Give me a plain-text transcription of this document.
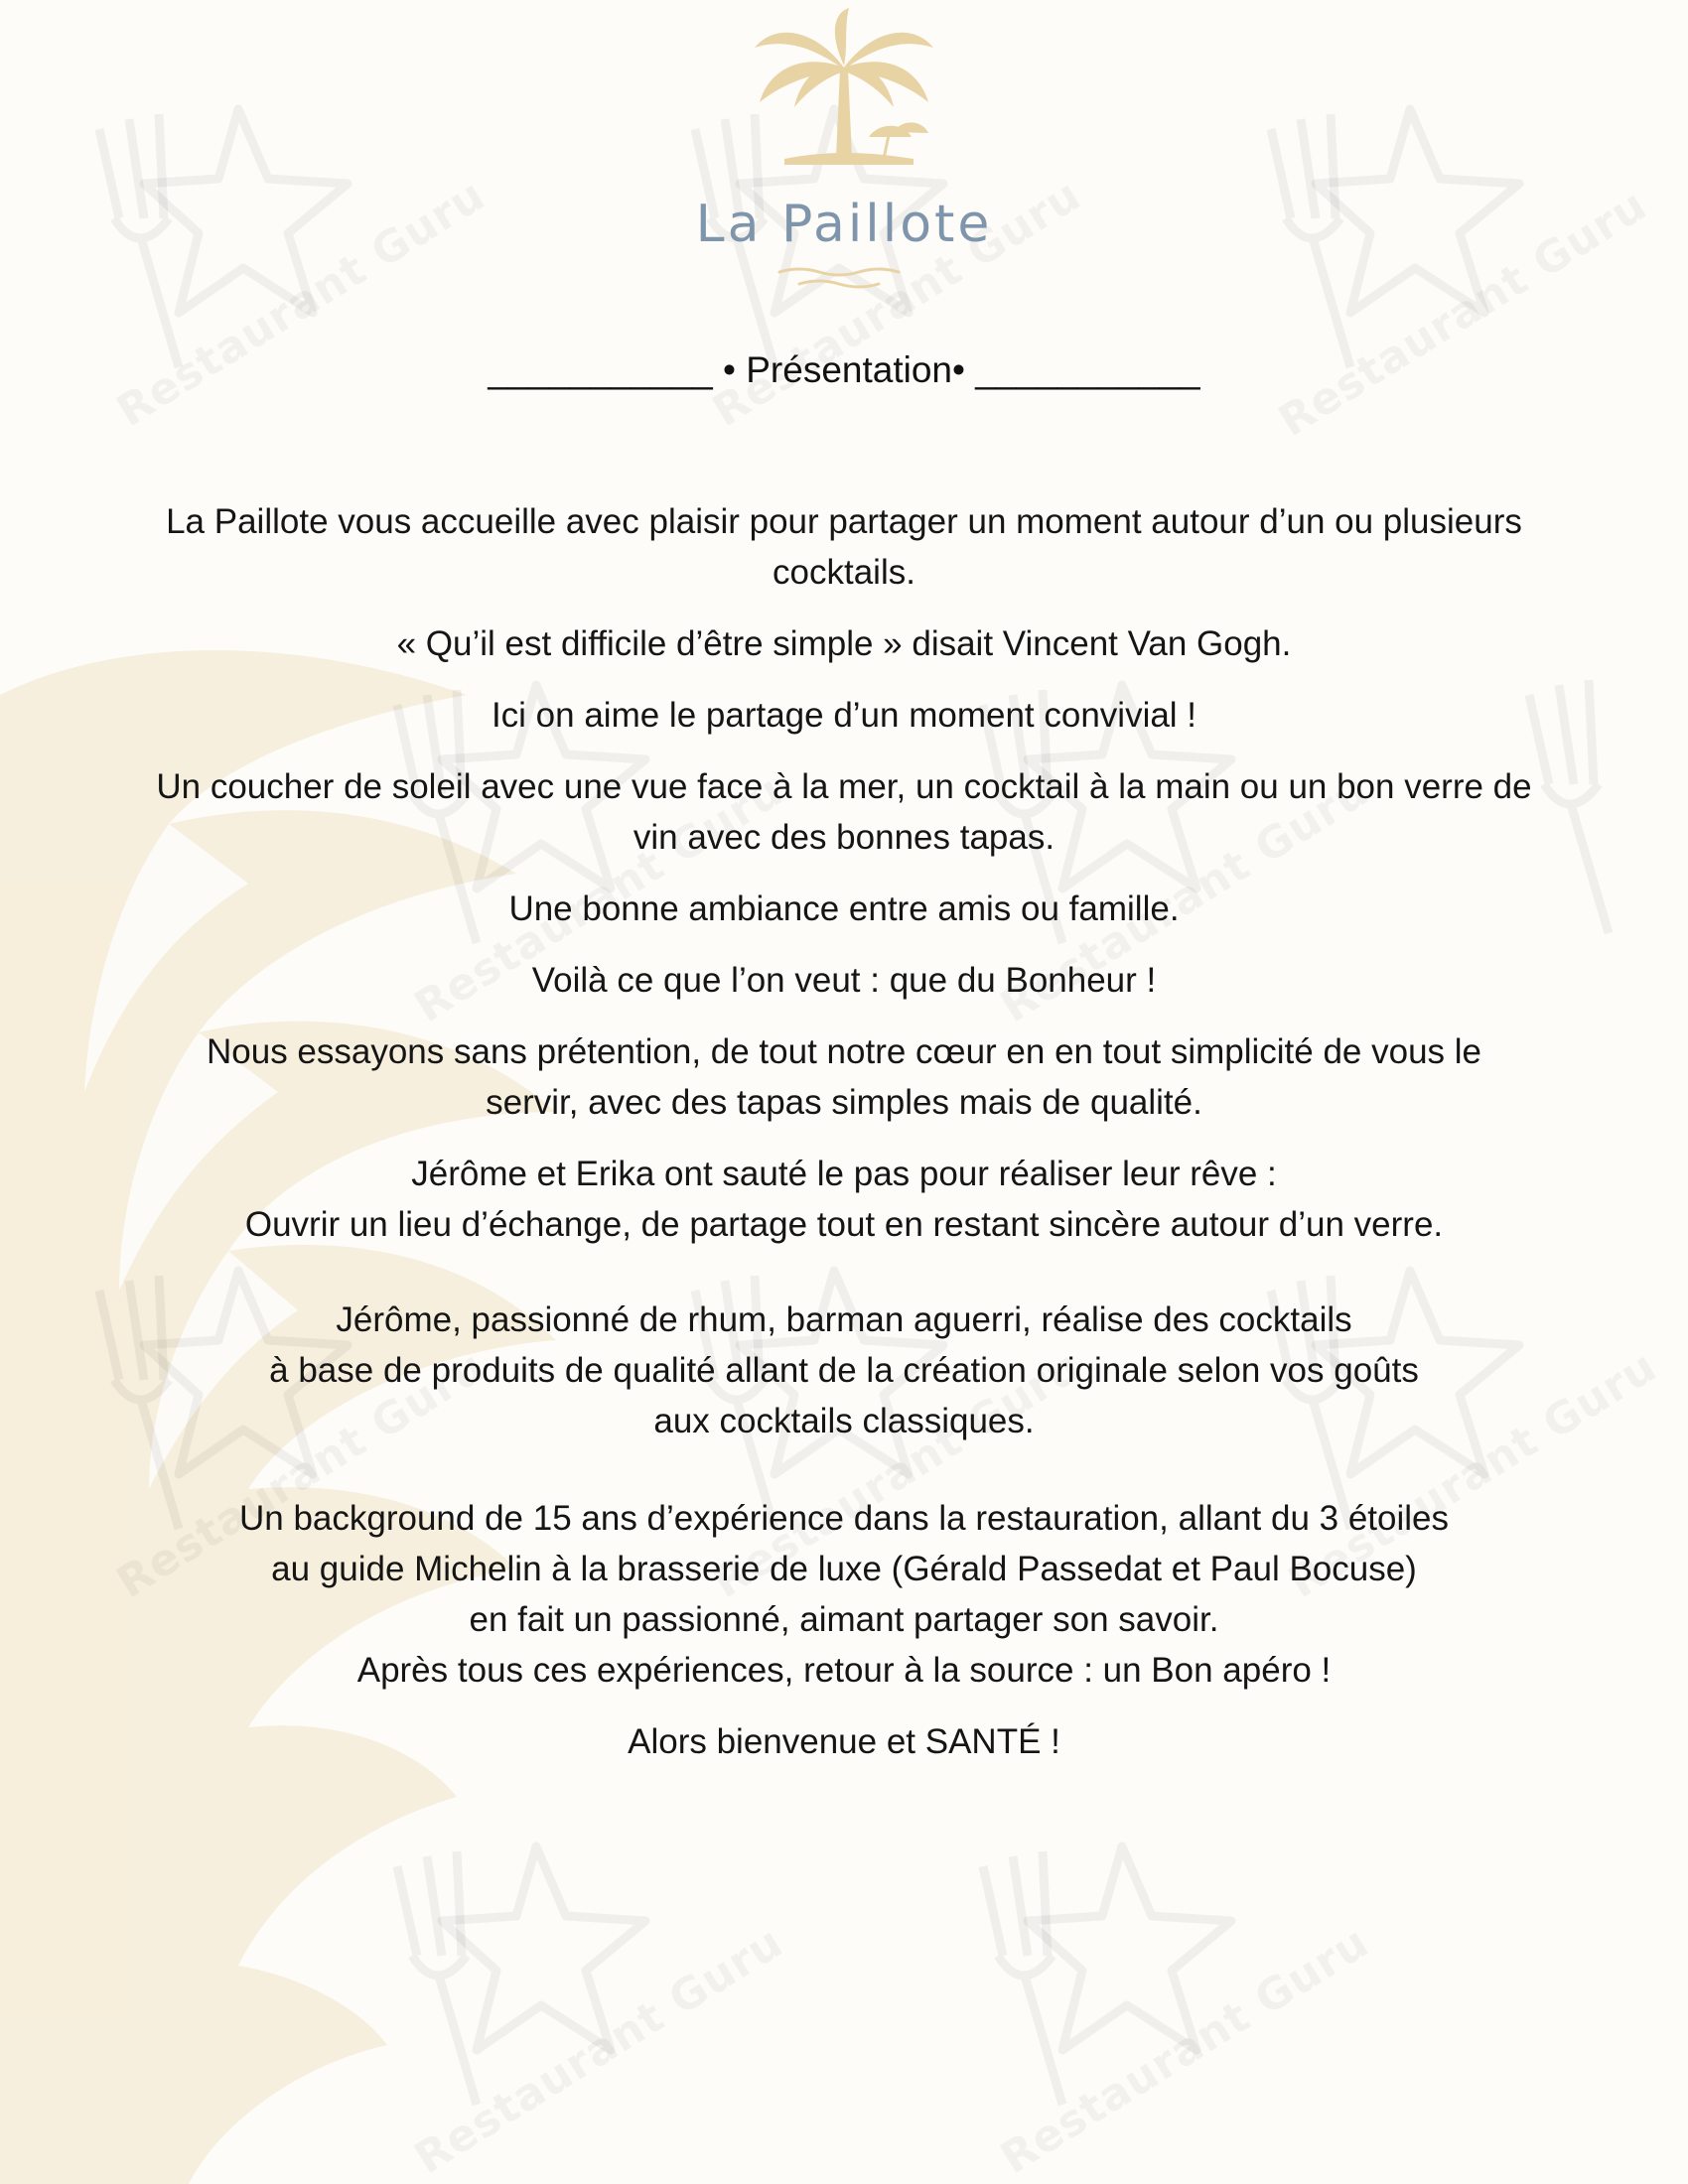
La Paillote
___________ • Présentation• ___________

La Paillote vous accueille avec plaisir pour partager un moment autour d’un ou plusieurs
cocktails.

« Qu’il est difficile d’être simple » disait Vincent Van Gogh.

Ici on aime le partage d’un moment convivial !

Un coucher de soleil avec une vue face à la mer, un cocktail à la main ou un bon verre de
vin avec des bonnes tapas.

Une bonne ambiance entre amis ou famille.

Voilà ce que l’on veut : que du Bonheur !

Nous essayons sans prétention, de tout notre cœur en en tout simplicité de vous le
servir, avec des tapas simples mais de qualité.

Jérôme et Erika ont sauté le pas pour réaliser leur rêve :
Ouvrir un lieu d’échange, de partage tout en restant sincère autour d’un verre.

Jérôme, passionné de rhum, barman aguerri, réalise des cocktails
à base de produits de qualité allant de la création originale selon vos goûts
aux cocktails classiques.

Un background de 15 ans d’expérience dans la restauration, allant du 3 étoiles
au guide Michelin à la brasserie de luxe (Gérald Passedat et Paul Bocuse)
en fait un passionné, aimant partager son savoir.
Après tous ces expériences, retour à la source : un Bon apéro !

Alors bienvenue et SANTÉ !
